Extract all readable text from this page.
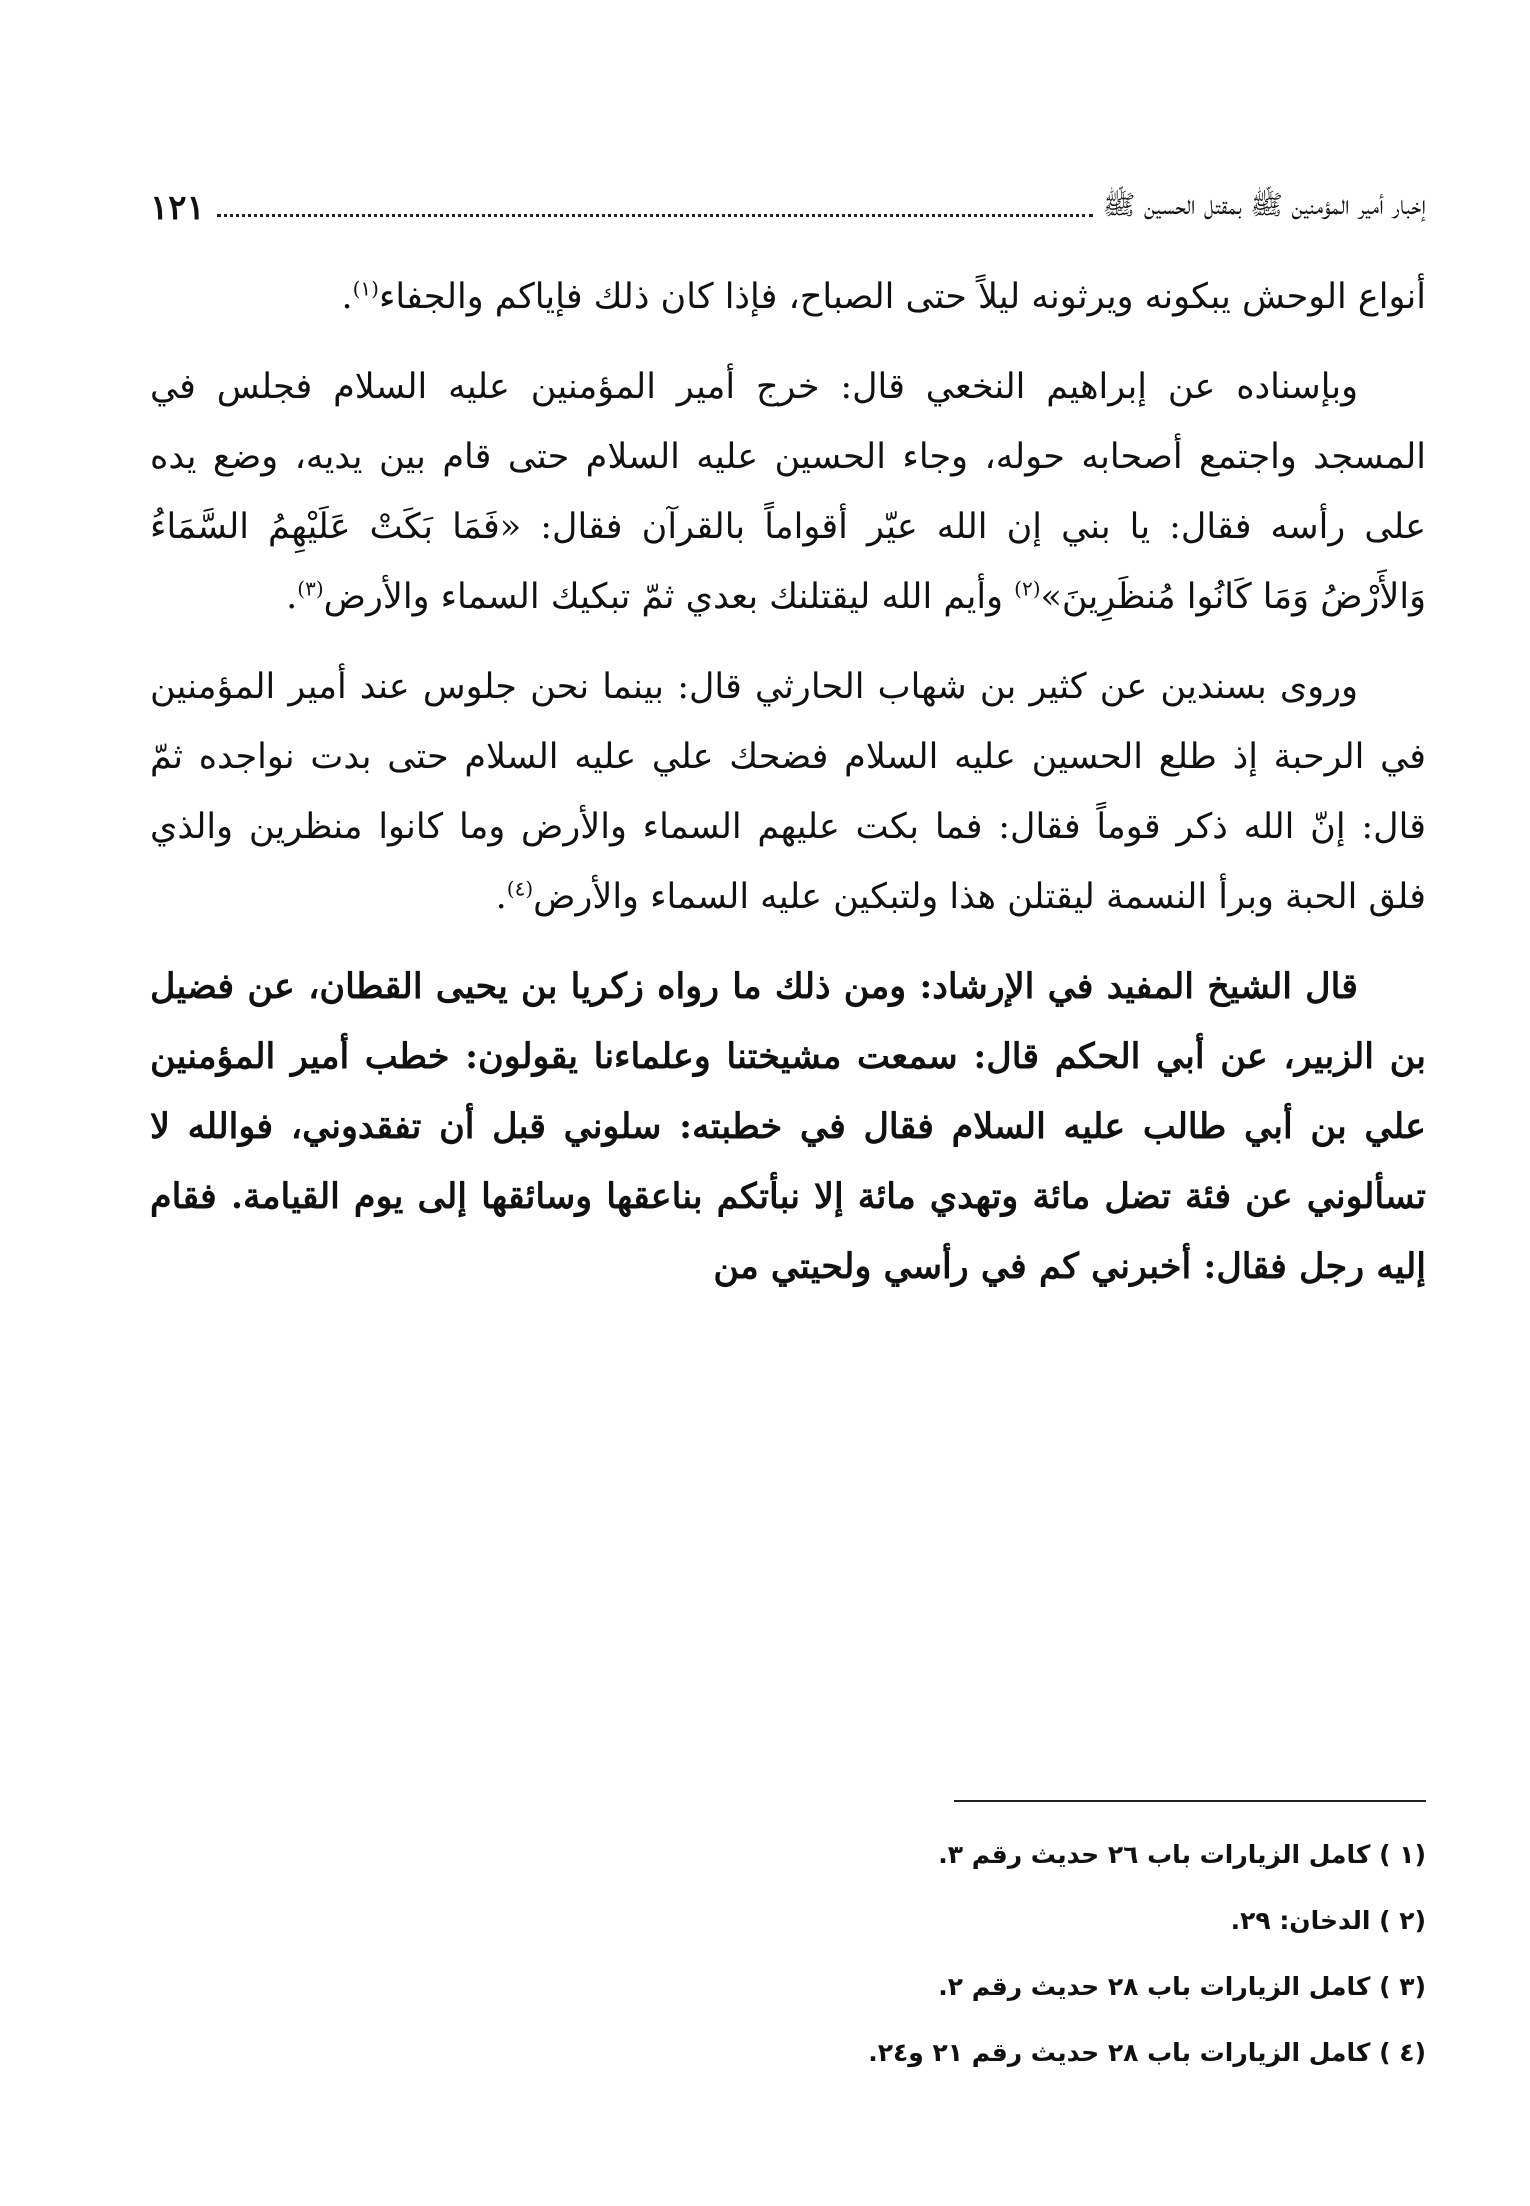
إخبار أمير المؤمنين ﷺ بمقتل الحسين ﷺ
١٢١

أنواع الوحش يبكونه ويرثونه ليلاً حتى الصباح، فإذا كان ذلك فإياكم والجفاء$^{(١)}$.

وبإسناده عن إبراهيم النخعي قال: خرج أمير المؤمنين عليه السلام فجلس في المسجد واجتمع أصحابه حوله، وجاء الحسين عليه السلام حتى قام بين يديه، وضع يده على رأسه فقال: يا بني إن الله عيّر أقواماً بالقرآن فقال: «فَمَا بَكَتْ عَلَيْهِمُ السَّمَاءُ وَالأَرْضُ وَمَا كَانُوا مُنظَرِينَ»$^{(٢)}$ وأيم الله ليقتلنك بعدي ثمّ تبكيك السماء والأرض$^{(٣)}$.

وروى بسندين عن كثير بن شهاب الحارثي قال: بينما نحن جلوس عند أمير المؤمنين في الرحبة إذ طلع الحسين عليه السلام فضحك علي عليه السلام حتى بدت نواجده ثمّ قال: إنّ الله ذكر قوماً فقال: فما بكت عليهم السماء والأرض وما كانوا منظرين والذي فلق الحبة وبرأ النسمة ليقتلن هذا ولتبكين عليه السماء والأرض$^{(٤)}$.

قال الشيخ المفيد في الإرشاد: ومن ذلك ما رواه زكريا بن يحيى القطان، عن فضيل بن الزبير، عن أبي الحكم قال: سمعت مشيختنا وعلماءنا يقولون: خطب أمير المؤمنين علي بن أبي طالب عليه السلام فقال في خطبته: سلوني قبل أن تفقدوني، فوالله لا تسألوني عن فئة تضل مائة وتهدي مائة إلا نبأتكم بناعقها وسائقها إلى يوم القيامة. فقام إليه رجل فقال: أخبرني كم في رأسي ولحيتي من

(١ ) كامل الزيارات باب ٢٦ حديث رقم ٣.
(٢ ) الدخان: ٢٩.
(٣ ) كامل الزيارات باب ٢٨ حديث رقم ٢.
(٤ ) كامل الزيارات باب ٢٨ حديث رقم ٢١ و٢٤.
